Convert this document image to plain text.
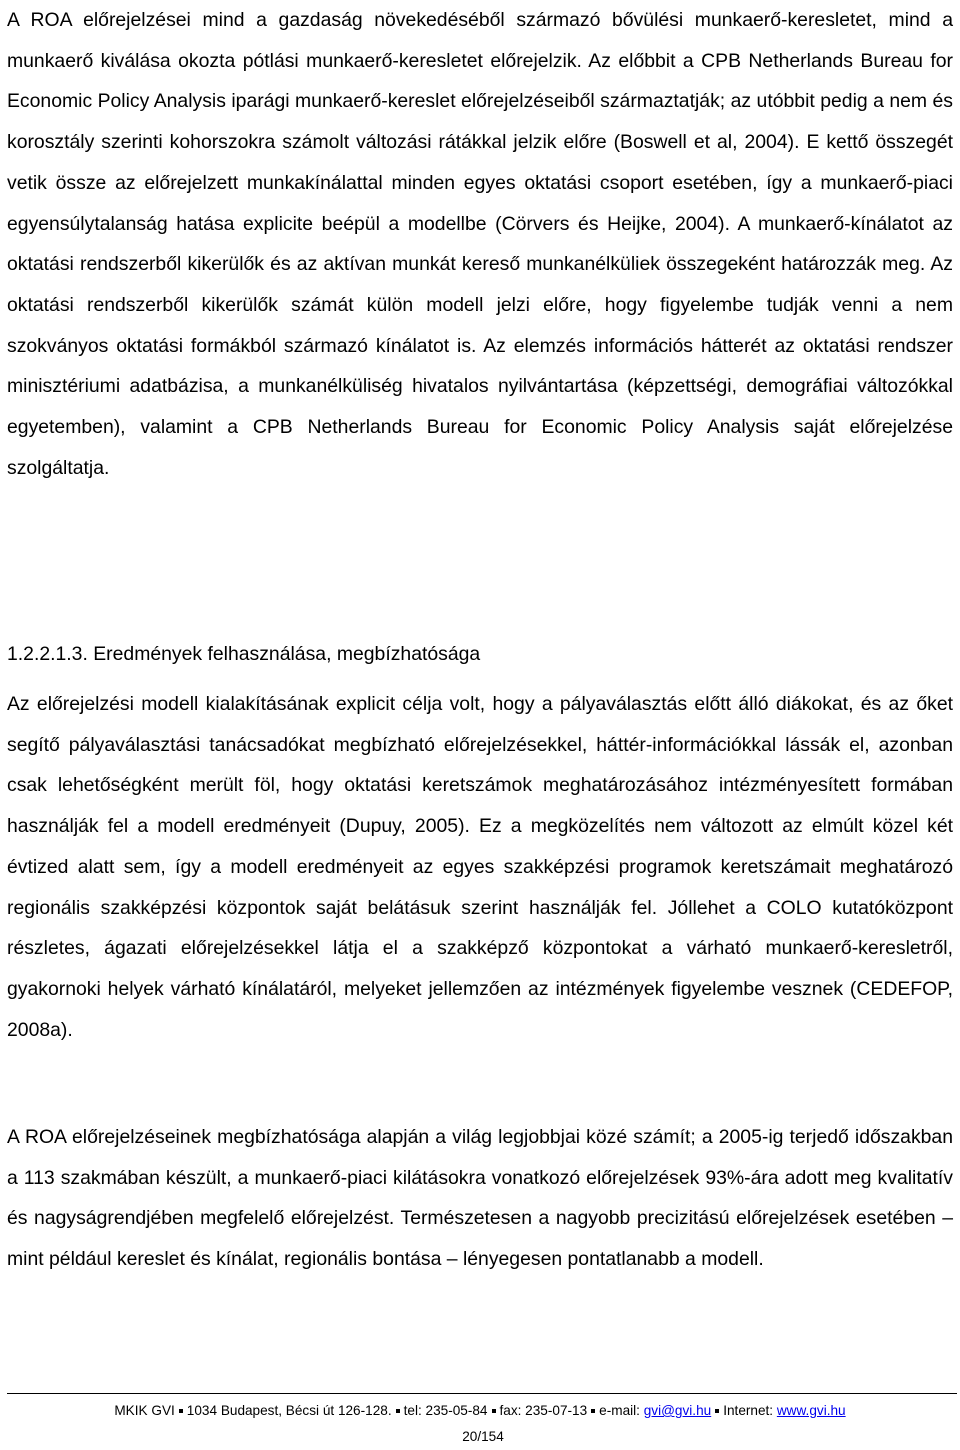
A ROA előrejelzései mind a gazdaság növekedéséből származó bővülési munkaerő-keresletet, mind a munkaerő kiválása okozta pótlási munkaerő-keresletet előrejelzik. Az előbbit a CPB Netherlands Bureau for Economic Policy Analysis iparági munkaerő-kereslet előrejelzéseiből származtatják; az utóbbit pedig a nem és korosztály szerinti kohorszokra számolt változási rátákkal jelzik előre (Boswell et al, 2004). E kettő összegét vetik össze az előrejelzett munkakínálattal minden egyes oktatási csoport esetében, így a munkaerő-piaci egyensúlytalanság hatása explicite beépül a modellbe (Cörvers és Heijke, 2004). A munkaerő-kínálatot az oktatási rendszerből kikerülők és az aktívan munkát kereső munkanélküliek összegeként határozzák meg. Az oktatási rendszerből kikerülők számát külön modell jelzi előre, hogy figyelembe tudják venni a nem szokványos oktatási formákból származó kínálatot is. Az elemzés információs hátterét az oktatási rendszer minisztériumi adatbázisa, a munkanélküliség hivatalos nyilvántartása (képzettségi, demográfiai változókkal egyetemben), valamint a CPB Netherlands Bureau for Economic Policy Analysis saját előrejelzése szolgáltatja.

1.2.2.1.3. Eredmények felhasználása, megbízhatósága

Az előrejelzési modell kialakításának explicit célja volt, hogy a pályaválasztás előtt álló diákokat, és az őket segítő pályaválasztási tanácsadókat megbízható előrejelzésekkel, háttér-információkkal lássák el, azonban csak lehetőségként merült föl, hogy oktatási keretszámok meghatározásához intézményesített formában használják fel a modell eredményeit (Dupuy, 2005). Ez a megközelítés nem változott az elmúlt közel két évtized alatt sem, így a modell eredményeit az egyes szakképzési programok keretszámait meghatározó regionális szakképzési központok saját belátásuk szerint használják fel. Jóllehet a COLO kutatóközpont részletes, ágazati előrejelzésekkel látja el a szakképző központokat a várható munkaerő-keresletről, gyakornoki helyek várható kínálatáról, melyeket jellemzően az intézmények figyelembe vesznek (CEDEFOP, 2008a).

A ROA előrejelzéseinek megbízhatósága alapján a világ legjobbjai közé számít; a 2005-ig terjedő időszakban a 113 szakmában készült, a munkaerő-piaci kilátásokra vonatkozó előrejelzések 93%-ára adott meg kvalitatív és nagyságrendjében megfelelő előrejelzést. Természetesen a nagyobb precizitású előrejelzések esetében – mint például kereslet és kínálat, regionális bontása – lényegesen pontatlanabb a modell.

MKIK GVI 1034 Budapest, Bécsi út 126-128. tel: 235-05-84 fax: 235-07-13 e-mail: gvi@gvi.hu Internet: www.gvi.hu
20/154
